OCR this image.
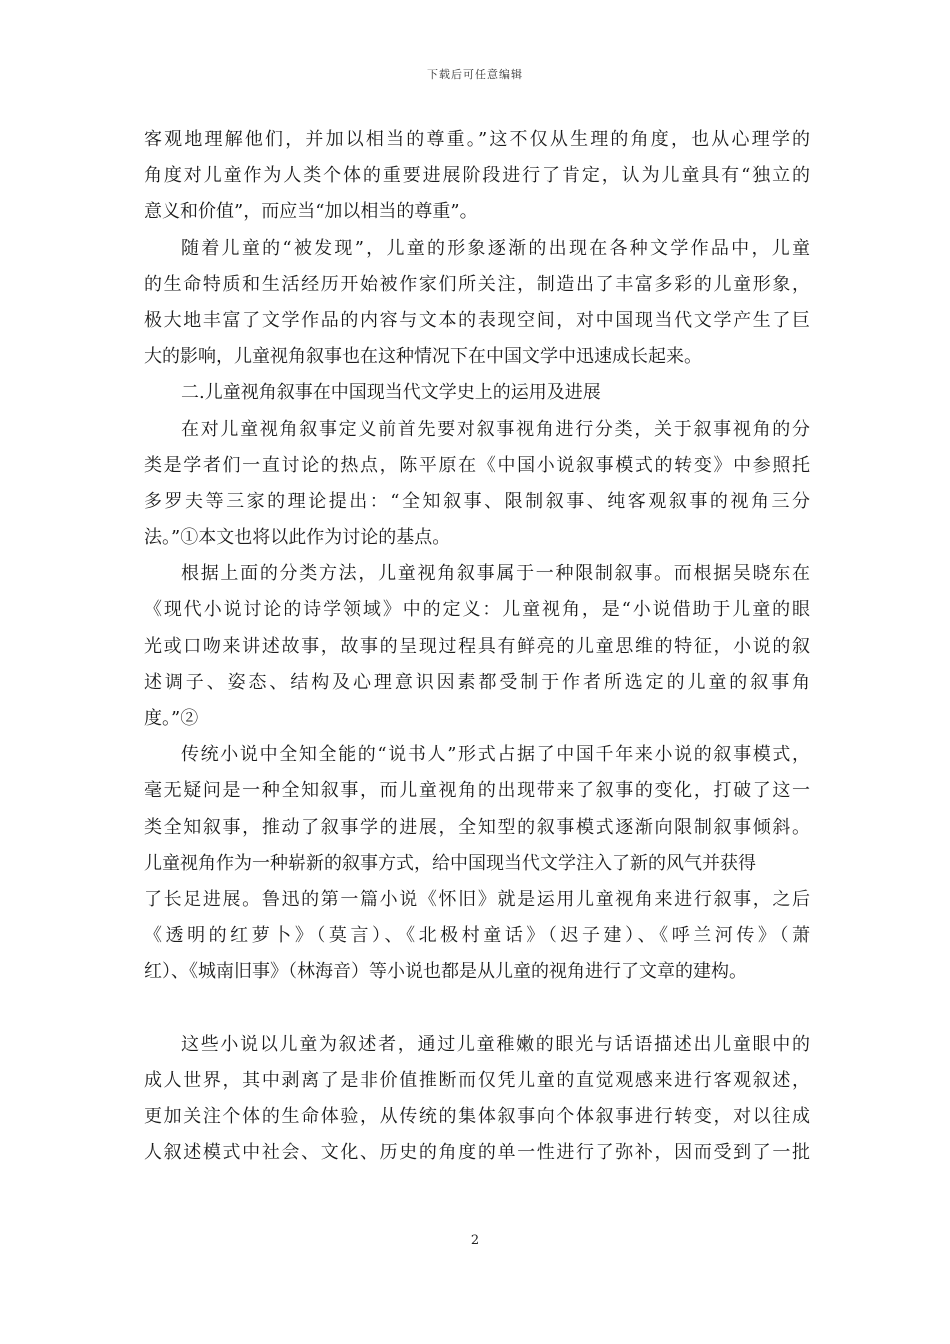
下载后可任意编辑
客观地理解他们，并加以相当的尊重。”这不仅从生理的角度，也从心理学的
角度对儿童作为人类个体的重要进展阶段进行了肯定，认为儿童具有“独立的
意义和价值”，而应当“加以相当的尊重”。
随着儿童的“被发现”，儿童的形象逐渐的出现在各种文学作品中，儿童
的生命特质和生活经历开始被作家们所关注，制造出了丰富多彩的儿童形象，
极大地丰富了文学作品的内容与文本的表现空间，对中国现当代文学产生了巨
大的影响，儿童视角叙事也在这种情况下在中国文学中迅速成长起来。
二.儿童视角叙事在中国现当代文学史上的运用及进展
在对儿童视角叙事定义前首先要对叙事视角进行分类，关于叙事视角的分
类是学者们一直讨论的热点，陈平原在《中国小说叙事模式的转变》中参照托
多罗夫等三家的理论提出：“全知叙事、限制叙事、纯客观叙事的视角三分
法。”①本文也将以此作为讨论的基点。
根据上面的分类方法，儿童视角叙事属于一种限制叙事。而根据吴晓东在
《现代小说讨论的诗学领域》中的定义：儿童视角，是“小说借助于儿童的眼
光或口吻来讲述故事，故事的呈现过程具有鲜亮的儿童思维的特征，小说的叙
述调子、姿态、结构及心理意识因素都受制于作者所选定的儿童的叙事角
度。”②
传统小说中全知全能的“说书人”形式占据了中国千年来小说的叙事模式，
毫无疑问是一种全知叙事，而儿童视角的出现带来了叙事的变化，打破了这一
类全知叙事，推动了叙事学的进展，全知型的叙事模式逐渐向限制叙事倾斜。
儿童视角作为一种崭新的叙事方式，给中国现当代文学注入了新的风气并获得
了长足进展。鲁迅的第一篇小说《怀旧》就是运用儿童视角来进行叙事，之后
《透明的红萝卜》（莫言）、《北极村童话》（迟子建）、《呼兰河传》（萧
红）、《城南旧事》（林海音）等小说也都是从儿童的视角进行了文章的建构。
这些小说以儿童为叙述者，通过儿童稚嫩的眼光与话语描述出儿童眼中的
成人世界，其中剥离了是非价值推断而仅凭儿童的直觉观感来进行客观叙述，
更加关注个体的生命体验，从传统的集体叙事向个体叙事进行转变，对以往成
人叙述模式中社会、文化、历史的角度的单一性进行了弥补，因而受到了一批
2
